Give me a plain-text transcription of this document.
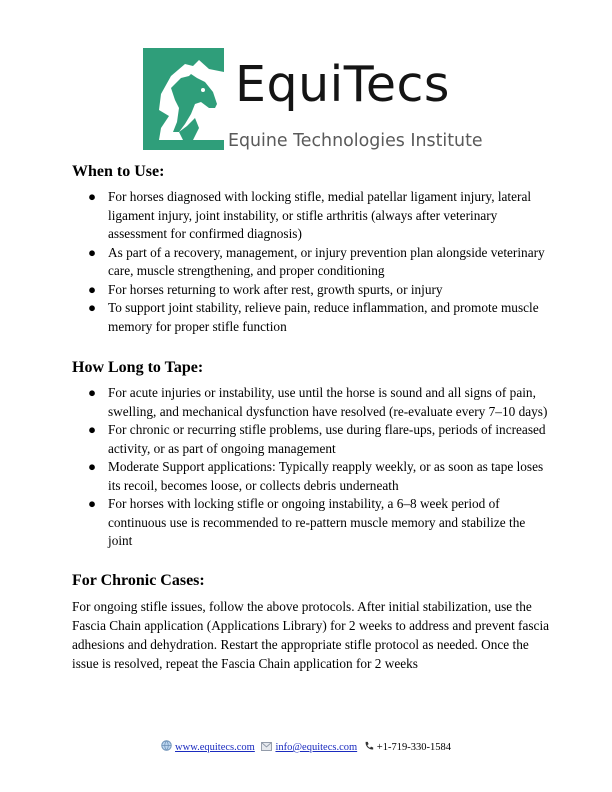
EquiTecs
Equine Technologies Institute
When to Use:
● For horses diagnosed with locking stifle, medial patellar ligament injury, lateral ligament injury, joint instability, or stifle arthritis (always after veterinary assessment for confirmed diagnosis)
● As part of a recovery, management, or injury prevention plan alongside veterinary care, muscle strengthening, and proper conditioning
● For horses returning to work after rest, growth spurts, or injury
● To support joint stability, relieve pain, reduce inflammation, and promote muscle memory for proper stifle function
How Long to Tape:
● For acute injuries or instability, use until the horse is sound and all signs of pain, swelling, and mechanical dysfunction have resolved (re-evaluate every 7–10 days)
● For chronic or recurring stifle problems, use during flare-ups, periods of increased activity, or as part of ongoing management
● Moderate Support applications: Typically reapply weekly, or as soon as tape loses its recoil, becomes loose, or collects debris underneath
● For horses with locking stifle or ongoing instability, a 6–8 week period of continuous use is recommended to re-pattern muscle memory and stabilize the joint
For Chronic Cases:

For ongoing stifle issues, follow the above protocols. After initial stabilization, use the Fascia Chain application (Applications Library) for 2 weeks to address and prevent fascia adhesions and dehydration. Restart the appropriate stifle protocol as needed. Once the issue is resolved, repeat the Fascia Chain application for 2 weeks

www.equitecs.com info@equitecs.com +1-719-330-1584
